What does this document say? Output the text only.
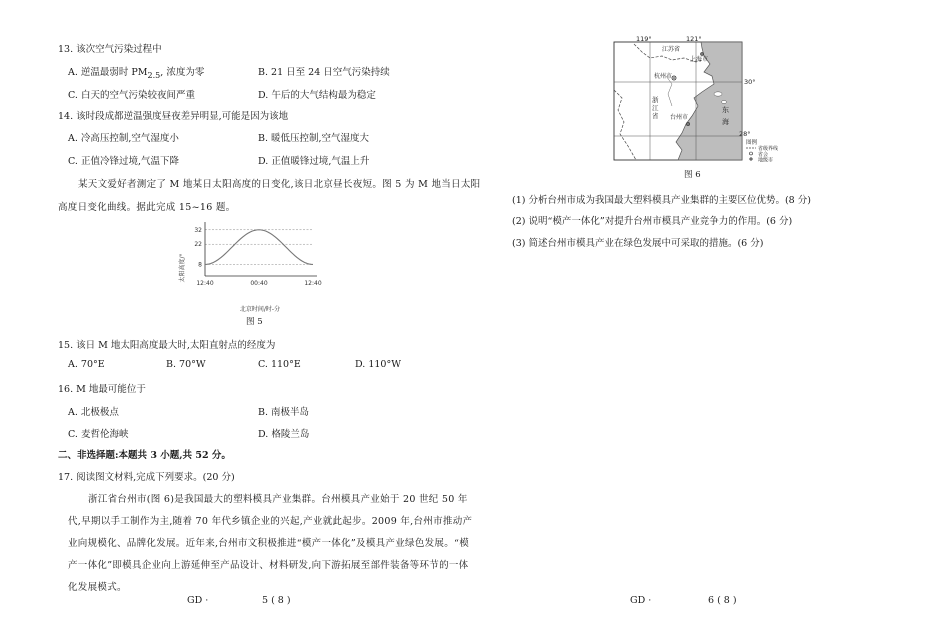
13. 该次空气污染过程中
A. 逆温最弱时 $PM_{2.5}$, 浓度为零	B. 21 日至 24 日空气污染持续
C. 白天的空气污染较夜间严重	D. 午后的大气结构最为稳定
14. 该时段成都逆温强度昼夜差异明显,可能是因为该地
A. 冷高压控制,空气湿度小	B. 暖低压控制,空气湿度大
C. 正值冷锋过境,气温下降	D. 正值暖锋过境,气温上升
某天文爱好者测定了 M 地某日太阳高度的日变化,该日北京昼长夜短。图 5 为 M 地当日太阳
高度日变化曲线。据此完成 15~16 题。
8
22
32
12:40	00:40	12:40
太阳高度/°
北京时间/时-分
图 5
15. 该日 M 地太阳高度最大时,太阳直射点的经度为
A. 70°E	B. 70°W	C. 110°E	D. 110°W
16. M 地最可能位于
A. 北极极点	B. 南极半岛
C. 麦哲伦海峡	D. 格陵兰岛
二、非选择题:本题共 3 小题,共 52 分。
17. 阅读图文材料,完成下列要求。(20 分)
浙江省台州市(图 6)是我国最大的塑料模具产业集群。台州模具产业始于 20 世纪 50 年
代,早期以手工制作为主,随着 70 年代乡镇企业的兴起,产业就此起步。2009 年,台州市推动产
业向规模化、品牌化发展。近年来,台州市文积极推进“模产一体化”及模具产业绿色发展。“模
产一体化”即模具企业向上游延伸至产品设计、材料研发,向下游拓展至部件装备等环节的一体
化发展模式。
GD ·	5 ( 8 )
119°	121°
30°
28°
江苏省
上海市
杭州市
浙
江
省 台州市
东
海
图例
省级界线
省会
地级市
图 6
(1) 分析台州市成为我国最大塑料模具产业集群的主要区位优势。(8 分)
(2) 说明“模产一体化”对提升台州市模具产业竞争力的作用。(6 分)
(3) 简述台州市模具产业在绿色发展中可采取的措施。(6 分)
GD ·	6 ( 8 )
